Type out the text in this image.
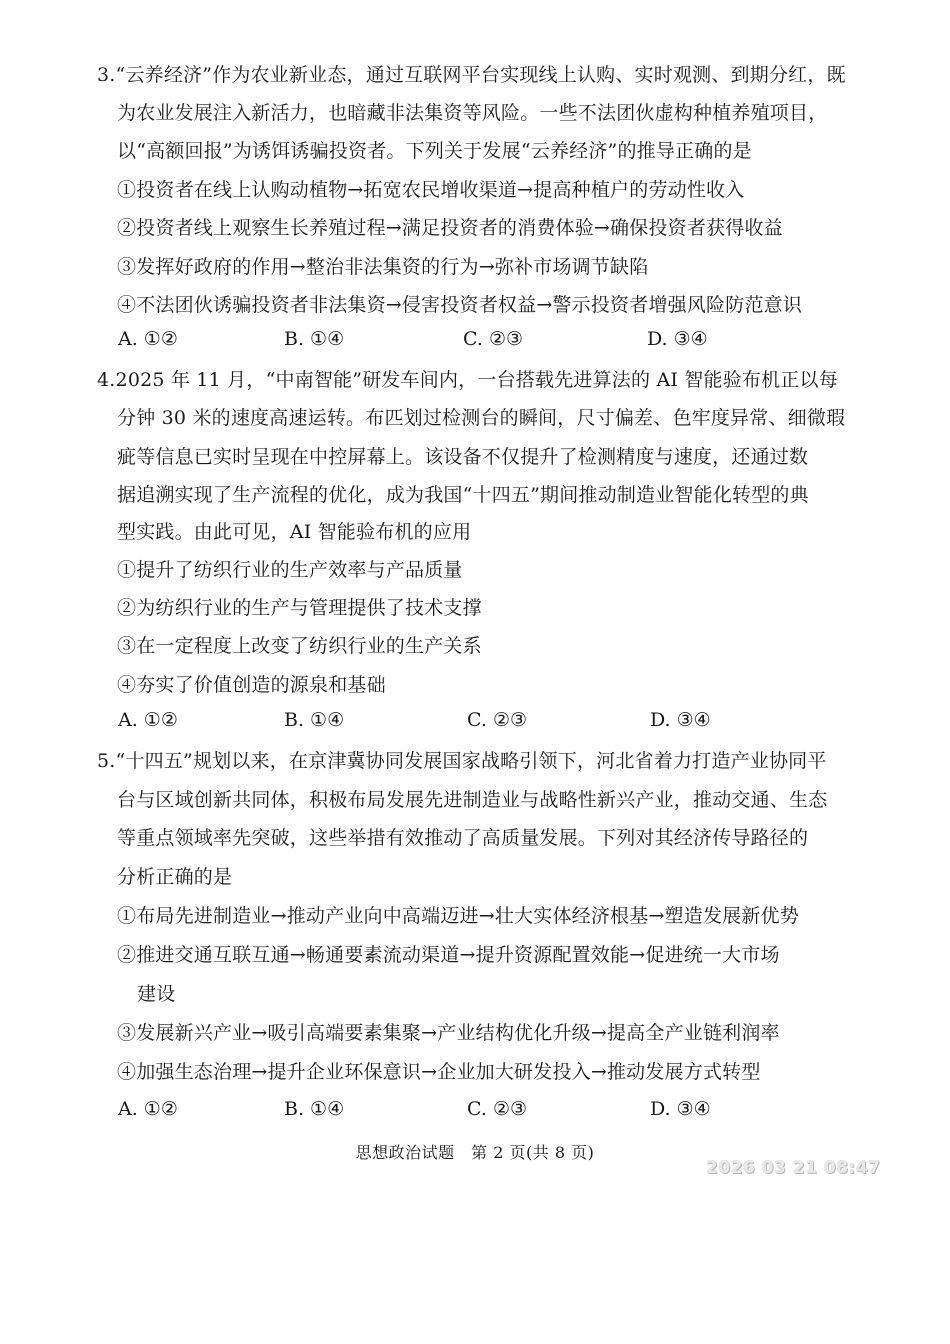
3.“云养经济”作为农业新业态，通过互联网平台实现线上认购、实时观测、到期分红，既
为农业发展注入新活力，也暗藏非法集资等风险。一些不法团伙虚构种植养殖项目，
以“高额回报”为诱饵诱骗投资者。下列关于发展“云养经济”的推导正确的是
①投资者在线上认购动植物→拓宽农民增收渠道→提高种植户的劳动性收入
②投资者线上观察生长养殖过程→满足投资者的消费体验→确保投资者获得收益
③发挥好政府的作用→整治非法集资的行为→弥补市场调节缺陷
④不法团伙诱骗投资者非法集资→侵害投资者权益→警示投资者增强风险防范意识
A. ①②	B. ①④	C. ②③	D. ③④
4.2025 年 11 月，“中南智能”研发车间内，一台搭载先进算法的 AI 智能验布机正以每
分钟 30 米的速度高速运转。布匹划过检测台的瞬间，尺寸偏差、色牢度异常、细微瑕
疵等信息已实时呈现在中控屏幕上。该设备不仅提升了检测精度与速度，还通过数
据追溯实现了生产流程的优化，成为我国“十四五”期间推动制造业智能化转型的典
型实践。由此可见，AI 智能验布机的应用
①提升了纺织行业的生产效率与产品质量
②为纺织行业的生产与管理提供了技术支撑
③在一定程度上改变了纺织行业的生产关系
④夯实了价值创造的源泉和基础
A. ①②	B. ①④	C. ②③	D. ③④
5.“十四五”规划以来，在京津冀协同发展国家战略引领下，河北省着力打造产业协同平
台与区域创新共同体，积极布局发展先进制造业与战略性新兴产业，推动交通、生态
等重点领域率先突破，这些举措有效推动了高质量发展。下列对其经济传导路径的
分析正确的是
①布局先进制造业→推动产业向中高端迈进→壮大实体经济根基→塑造发展新优势
②推进交通互联互通→畅通要素流动渠道→提升资源配置效能→促进统一大市场
建设
③发展新兴产业→吸引高端要素集聚→产业结构优化升级→提高全产业链利润率
④加强生态治理→提升企业环保意识→企业加大研发投入→推动发展方式转型
A. ①②	B. ①④	C. ②③	D. ③④
思想政治试题　第 2 页(共 8 页)
2026 03 21 08:47
